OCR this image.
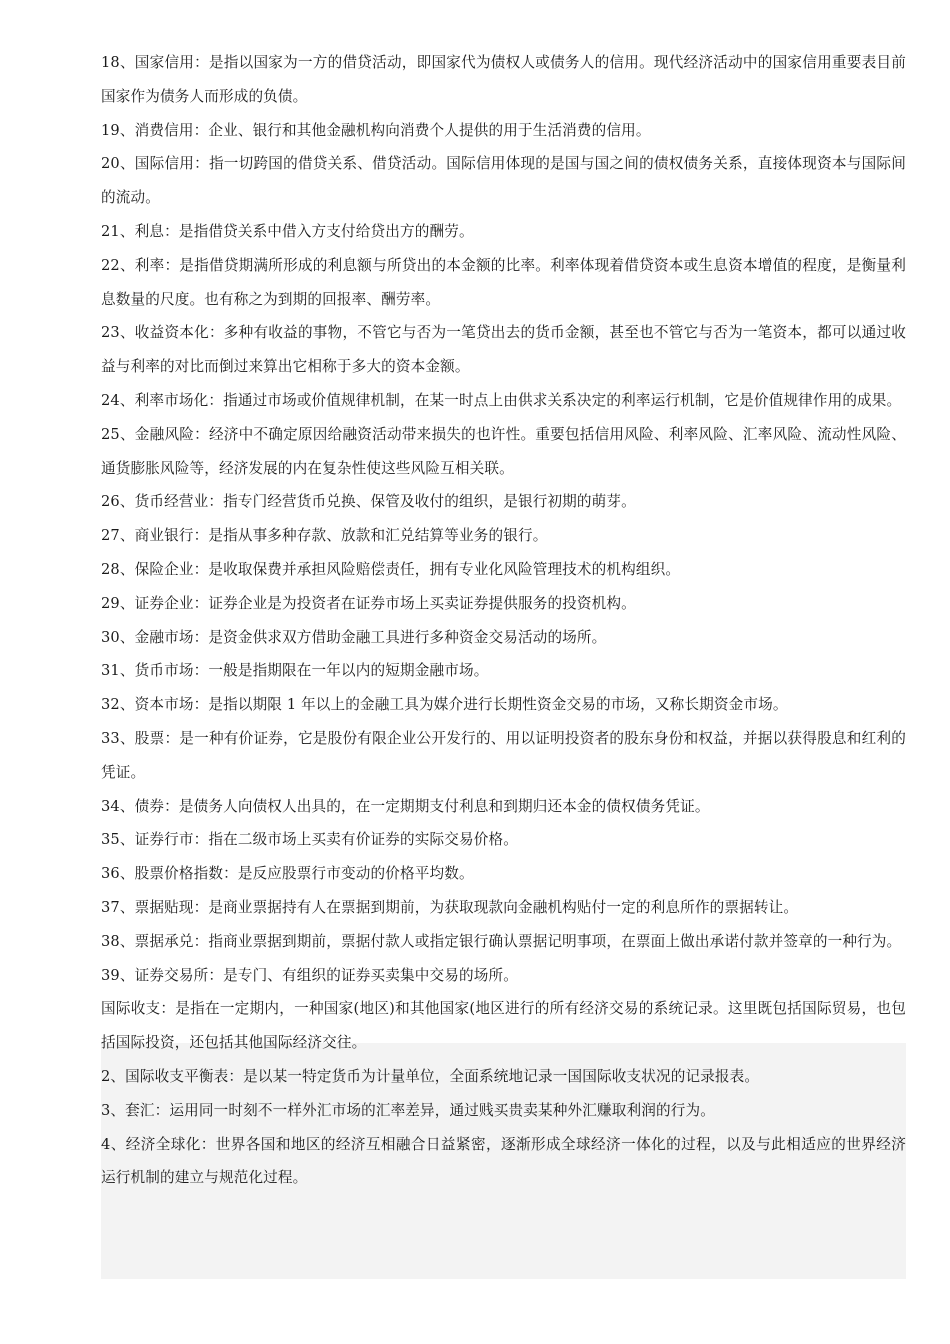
18、国家信用：是指以国家为一方的借贷活动，即国家代为债权人或债务人的信用。现代经济活动中的国家信用重要表目前国家作为债务人而形成的负债。

19、消费信用：企业、银行和其他金融机构向消费个人提供的用于生活消费的信用。

20、国际信用：指一切跨国的借贷关系、借贷活动。国际信用体现的是国与国之间的债权债务关系，直接体现资本与国际间的流动。

21、利息：是指借贷关系中借入方支付给贷出方的酬劳。

22、利率：是指借贷期满所形成的利息额与所贷出的本金额的比率。利率体现着借贷资本或生息资本增值的程度，是衡量利息数量的尺度。也有称之为到期的回报率、酬劳率。

23、收益资本化：多种有收益的事物，不管它与否为一笔贷出去的货币金额，甚至也不管它与否为一笔资本，都可以通过收益与利率的对比而倒过来算出它相称于多大的资本金额。

24、利率市场化：指通过市场或价值规律机制，在某一时点上由供求关系决定的利率运行机制，它是价值规律作用的成果。

25、金融风险：经济中不确定原因给融资活动带来损失的也许性。重要包括信用风险、利率风险、汇率风险、流动性风险、通货膨胀风险等，经济发展的内在复杂性使这些风险互相关联。

26、货币经营业：指专门经营货币兑换、保管及收付的组织，是银行初期的萌芽。

27、商业银行：是指从事多种存款、放款和汇兑结算等业务的银行。

28、保险企业：是收取保费并承担风险赔偿责任，拥有专业化风险管理技术的机构组织。

29、证券企业：证券企业是为投资者在证券市场上买卖证券提供服务的投资机构。

30、金融市场：是资金供求双方借助金融工具进行多种资金交易活动的场所。

31、货币市场：一般是指期限在一年以内的短期金融市场。

32、资本市场：是指以期限 1 年以上的金融工具为媒介进行长期性资金交易的市场，又称长期资金市场。

33、股票：是一种有价证券，它是股份有限企业公开发行的、用以证明投资者的股东身份和权益，并据以获得股息和红利的凭证。

34、债券：是债务人向债权人出具的，在一定期期支付利息和到期归还本金的债权债务凭证。

35、证券行市：指在二级市场上买卖有价证券的实际交易价格。

36、股票价格指数：是反应股票行市变动的价格平均数。

37、票据贴现：是商业票据持有人在票据到期前，为获取现款向金融机构贴付一定的利息所作的票据转让。

38、票据承兑：指商业票据到期前，票据付款人或指定银行确认票据记明事项，在票面上做出承诺付款并签章的一种行为。

39、证券交易所：是专门、有组织的证券买卖集中交易的场所。

国际收支：是指在一定期内，一种国家(地区)和其他国家(地区进行的所有经济交易的系统记录。这里既包括国际贸易，也包括国际投资，还包括其他国际经济交往。

2、国际收支平衡表：是以某一特定货币为计量单位，全面系统地记录一国国际收支状况的记录报表。

3、套汇：运用同一时刻不一样外汇市场的汇率差异，通过贱买贵卖某种外汇赚取利润的行为。

4、经济全球化：世界各国和地区的经济互相融合日益紧密，逐渐形成全球经济一体化的过程，以及与此相适应的世界经济运行机制的建立与规范化过程。
